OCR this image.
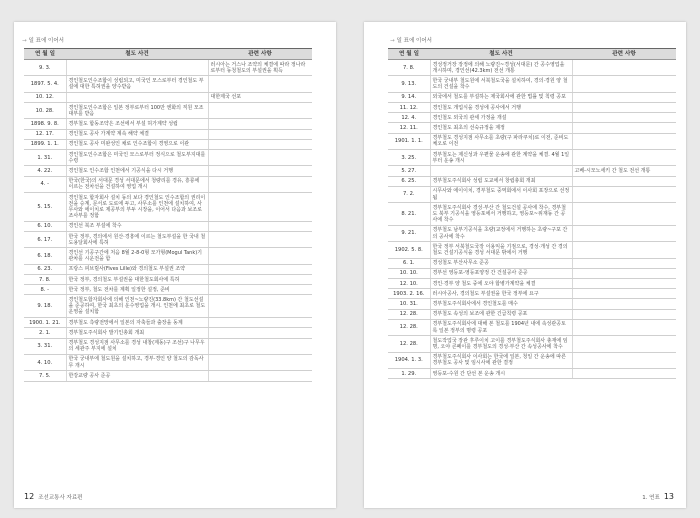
→ 일 표에 이어서
연 월 일	철도 사건	관련 사항
9. 3.		러시아는 거스나 조약의 체결에 따라 정나라로부터 동청철도의 부설권을 획득
1897. 5. 4.	경인철도인수조합이 성립되고, 미국인 모스로부터 경인철도 부설에 대한 특허권을 양수받음	
10. 12.		대한제국 선포
10. 28.	경인철도인수조합은 일본 정부로부터 100만 엔화의 직원 모조 대부를 받음	
1898. 9. 8.	경부철도 합동조약은 조선에서 부설 허가계약 성립	
12. 17.	경인철도 공사 가계약 계속 해약 체결	
1899. 1. 1.	경인철도 공사 미완성인 채로 인수조합이 경영으로 이관	
1. 31.	경인철도인수조합은 미국인 모스로부터 정식으로 철도부지대를 수령	
4. 22.	경인철도 인수조합 인천에서 기공식을 다시 거행	
4. -	한국(한국)의 서대문 경성 서대문에서 청량리를 경유, 흥릉에 이르는 전차선을 건설하여 영업 개시	
5. 15.	경인철도 합자회사 설치 동의 보다 경인철도 인수조합의 권리이전을 승계, 문서로 도로에 두고, 사무소를 인천에 설치하여, 사무사와 에이치로 제공부의 부두 시장을, 이어서 다음과 보조로 조사부를 정함	
6. 10.	경인선 북조 부설에 착수	
6. 17.	한국 정부, 경의에서 원산·경흥에 이르는 철도부설을 한 국내 철도용달회사에 특허	
6. 18.	경인선 기공구간에 처음 8월 2-8-0형 모가형(Mogul Tank)기관차를 시운전을 함	
6. 23.	프랑스 피브릴사(Fives Lille)와 경의철도 부설권 조약	
7. 8.	한국 정부, 경의철도 부설권을 대한철도회사에 특허	
8. -	한국 정부, 철도 전차를 계획 일정한 설정, 준비	
9. 18.	경인철도합자회사에 의해 인천~노량진(33.8km) 간 철도선설을 준공하여, 한국 최초의 운수영업을 개시. 인천에 최초로 철도운영을 설치함	
1900. 1. 21.	경부철도 측량전망에서 일본의 자축들과 출장을 동계	
2. 1.	경부철도주식회사 발기인총회 개최	
3. 31.	경부철도 경성지점 사무소를 경성 내창(계동)구 조선)구 나무우의 세관주 부지에 설치	
4. 10.	한국 궁내부에 철도원을 설치하고, 경부·경인 양 철도의 감독사무 개시	
7. 5.	한강교량 공사 준공	
12 조선교통사 자료편
→ 일 표에 이어서
연 월 일	철도 사건	관련 사항
7. 8.	경성정거장 장정에 의해 노량진~경성(서대문) 간 공수영업을 개시하며, 경인선(42.3km) 전선 개통	
9. 13.	한국 궁내부 철도원에 서북철도국을 설치하여, 경의·경원 양 철도의 건설을 착수	
9. 14.	외국에서 철도를 부설하는 제국회사에 관한 법률 및 칙령 공포	
11. 12.	경인철도 개업식을 경성에 공사에서 거행	
12. 4.	경인철도 외국의 관세 가정을 개설	
12. 11.	경인철도 최초의 선숙규정을 제정	
1901. 1. 1.	경부철도 경성지점 사무소를 초량(구 파라쿠치)로 이전, 준비도 체오로 이전	
3. 25.	경부철도는 제신성과 우편물 운송에 관한 계약을 체결. 4월 1일부터 운송 개시	
5. 27.		고베-시모노세키 간 철도 전선 개통
6. 25.	경부철도주식회사 성립 도교에서 창립총회 개최	
7. 2.	시무사와 에이이치, 경부철도 중역회에서 이사회 포장으로 선정됨	
8. 21.	경부철도주식회사 경성·부산 간 철도건설 공사에 착수, 경부철도 북부 기공식을 영등포에서 거행하고, 영등포~위재동 간 공사에 착수	
9. 21.	경부철도 남부기공식을 초량(교정에서 거행하는 초량~구포 간의 공사에 착수	
1902. 5. 8.	한국 정부 서북철도국장 이용익을 기점으로, 경성·개성 간 경의철도 건설기공식을 경성 서대문 밖에서 거행	
6. 1.	경성철도 부산사무소 준공	
10. 10.	경부선 영등포-영등포양정 간 건설공사 준공	
12. 10.	경인·경부 양 철도 중에 오야 합병가계약을 체결	
1903. 2. 16.	러시아공사, 경의철도 부설권을 한국 정부에 요구	
10. 31.	경부철도주식회사에서 경인철도를 매수	
12. 28.	경부철도 속성의 보조에 관한 긴급칙령 공포	
12. 28.	경부철도주식회사에 대해 본 철도를 1904년 내에 속성관공토록 일본 정부의 명령 공포	
12. 28.	철도작업국 장관 후루이치 고이를 경부철도주식회사 총재에 임명, 오야 콘페이를 경부철도의 경성·부산 간 속성공사에 착수	
1904. 1. 3.	경부철도주식회사 이사회는 한국에 일본, 청일 간 운송에 따른 경부철도 공사 및 임시사에 관한 결정	
1. 29.	영등포-수원 간 단선 본 운송 개시	
1. 연표 13
